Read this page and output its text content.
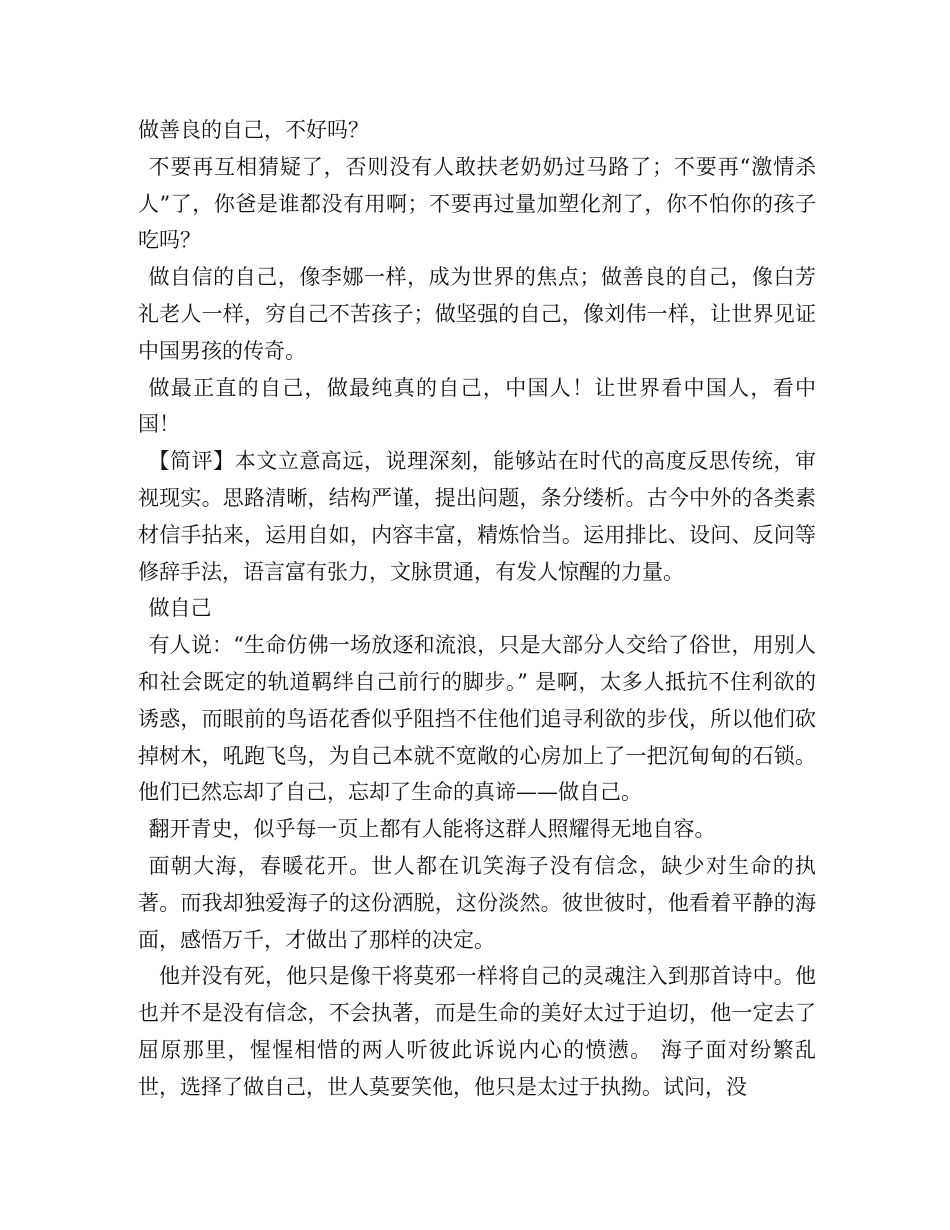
做善良的自己，不好吗？

不要再互相猜疑了，否则没有人敢扶老奶奶过马路了；不要再“激情杀人”了，你爸是谁都没有用啊；不要再过量加塑化剂了，你不怕你的孩子吃吗？

做自信的自己，像李娜一样，成为世界的焦点；做善良的自己，像白芳礼老人一样，穷自己不苦孩子；做坚强的自己，像刘伟一样，让世界见证中国男孩的传奇。

做最正直的自己，做最纯真的自己，中国人！让世界看中国人，看中国！

【简评】本文立意高远，说理深刻，能够站在时代的高度反思传统，审视现实。思路清晰，结构严谨，提出问题，条分缕析。古今中外的各类素材信手拈来，运用自如，内容丰富，精炼恰当。运用排比、设问、反问等修辞手法，语言富有张力，文脉贯通，有发人惊醒的力量。

做自己

有人说：“生命仿佛一场放逐和流浪，只是大部分人交给了俗世，用别人和社会既定的轨道羁绊自己前行的脚步。” 是啊，太多人抵抗不住利欲的诱惑，而眼前的鸟语花香似乎阻挡不住他们追寻利欲的步伐，所以他们砍掉树木，吼跑飞鸟，为自己本就不宽敞的心房加上了一把沉甸甸的石锁。他们已然忘却了自己，忘却了生命的真谛——做自己。

翻开青史，似乎每一页上都有人能将这群人照耀得无地自容。

面朝大海，春暖花开。世人都在讥笑海子没有信念，缺少对生命的执著。而我却独爱海子的这份洒脱，这份淡然。彼世彼时，他看着平静的海面，感悟万千，才做出了那样的决定。

他并没有死，他只是像干将莫邪一样将自己的灵魂注入到那首诗中。他也并不是没有信念，不会执著，而是生命的美好太过于迫切，他一定去了屈原那里，惺惺相惜的两人听彼此诉说内心的愤懑。 海子面对纷繁乱世，选择了做自己，世人莫要笑他，他只是太过于执拗。试问，没
